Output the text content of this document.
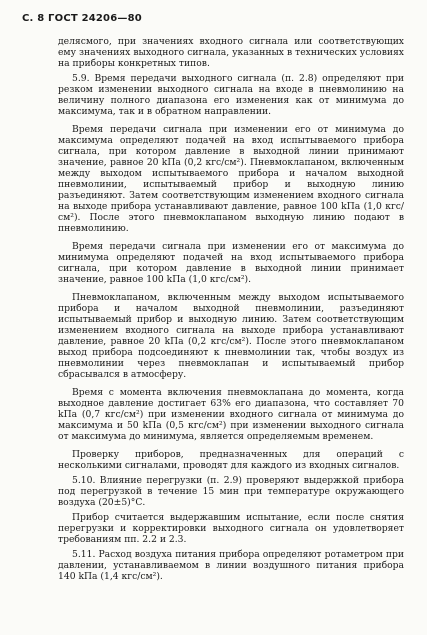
С. 8 ГОСТ 24206—80

делясмого, при значениях входного сигнала или соответствующих ему значениях выходного сигнала, указанных в технических условиях на приборы конкретных типов.

5.9. Время передачи выходного сигнала (п. 2.8) определяют при резком изменении выходного сигнала на входе в пневмолинию на величину полного диапазона его изменения как от минимума до максимума, так и в обратном направлении.

Время передачи сигнала при изменении его от минимума до максимума определяют подачей на вход испытываемого прибора сигнала, при котором давление в выходной линии принимают значение, равное 20 kПа (0,2 кгс/см²). Пневмоклапаном, включенным между выходом испытываемого прибора и началом выходной пневмолинии, испытываемый прибор и выходную линию разъединяют. Затем соответствующим изменением входного сигнала на выходе прибора устанавливают давление, равное 100 kПа (1,0 кгс/см²). После этого пневмоклапаном выходную линию подают в пневмолинию.

Время передачи сигнала при изменении его от максимума до минимума определяют подачей на вход испытываемого прибора сигнала, при котором давление в выходной линии принимает значение, равное 100 kПа (1,0 кгс/см²).

Пневмоклапаном, включенным между выходом испытываемого прибора и началом выходной пневмолинии, разъединяют испытываемый прибор и выходную линию. Затем соответствующим изменением входного сигнала на выходе прибора устанавливают давление, равное 20 kПа (0,2 кгс/см²). После этого пневмоклапаном выход прибора подсоединяют к пневмолинии так, чтобы воздух из пневмолинии через пневмоклапан и испытываемый прибор сбрасывался в атмосферу.

Время с момента включения пневмоклапана до момента, когда выходное давление достигает 63% его диапазона, что составляет 70 kПа (0,7 кгс/см²) при изменении входного сигнала от минимума до максимума и 50 kПа (0,5 кгс/см²) при изменении выходного сигнала от максимума до минимума, является определяемым временем.

Проверку приборов, предназначенных для операций с несколькими сигналами, проводят для каждого из входных сигналов.

5.10. Влияние перегрузки (п. 2.9) проверяют выдержкой прибора под перегрузкой в течение 15 мин при температуре окружающего воздуха (20±5)°С.

Прибор считается выдержавшим испытание, если после снятия перегрузки и корректировки выходного сигнала он удовлетворяет требованиям пп. 2.2 и 2.3.

5.11. Расход воздуха питания прибора определяют ротаметром при давлении, устанавливаемом в линии воздушного питания прибора 140 kПа (1,4 кгс/см²).
